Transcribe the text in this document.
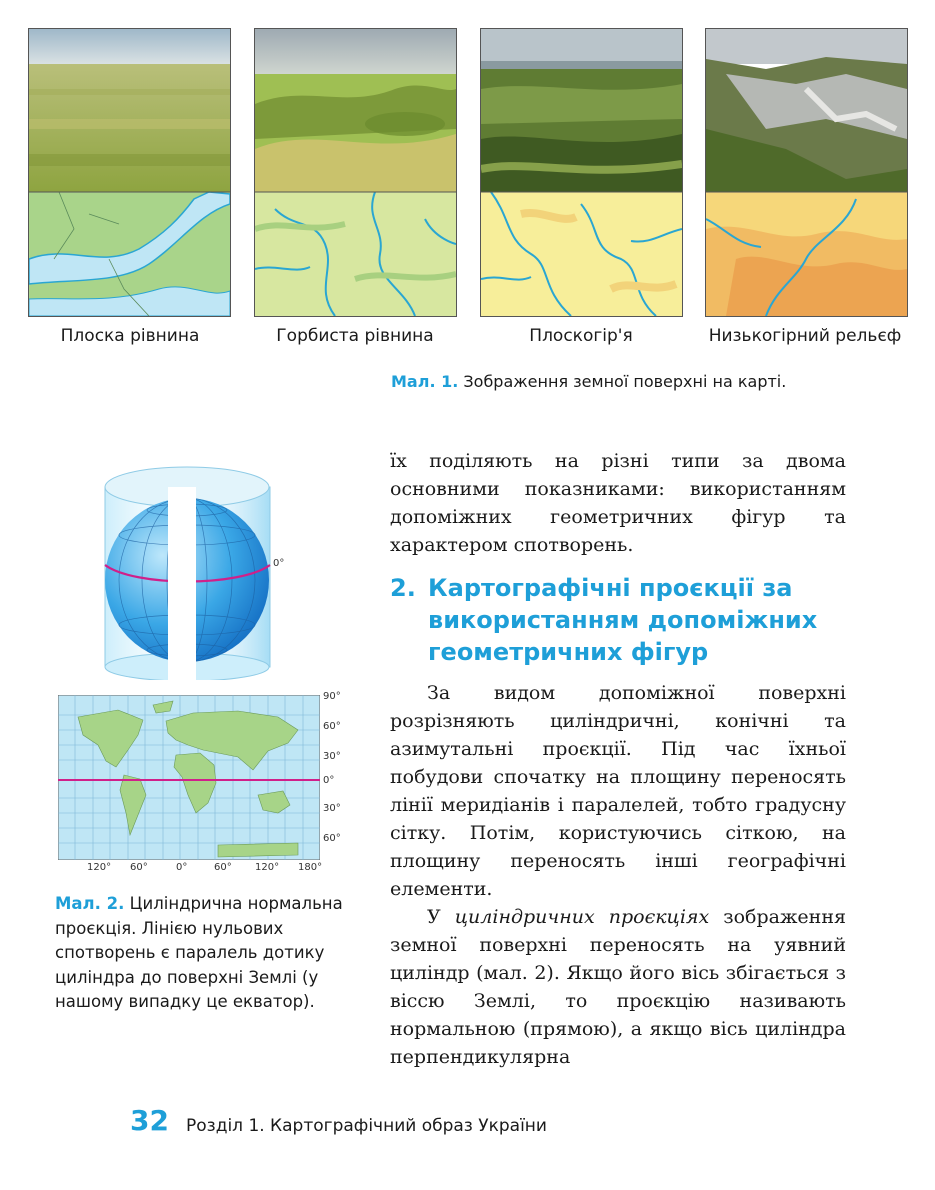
Плоска рівнина	Горбиста рівнина	Плоскогір'я	Низькогірний рельєф
Мал. 1. Зображення земної поверхні на карті.
0°
90°
60°
30°
0°
30°
60°
120° 60°	0°	60° 120° 180°
Мал. 2. Циліндрична нормальна проєкція. Лінією нульових спотворень є паралель дотику циліндра до поверхні Землі (у нашому випадку це екватор).

їх поділяють на різні типи за двома основними показниками: використанням допоміжних геометричних фігур та характером спотворень.

2. Картографічні проєкції за використанням допоміжних геометричних фігур

За видом допоміжної поверхні розрізняють циліндричні, конічні та азимутальні проєкції. Під час їхньої побудови спочатку на площину переносять лінії меридіанів і паралелей, тобто градусну сітку. Потім, користуючись сіткою, на площину переносять інші географічні елементи.

У циліндричних проєкціях зображення земної поверхні переносять на уявний циліндр (мал. 2). Якщо його вісь збігається з віссю Землі, то проєкцію називають нормальною (прямою), а якщо вісь циліндра перпендикулярна

32 Розділ 1. Картографічний образ України
